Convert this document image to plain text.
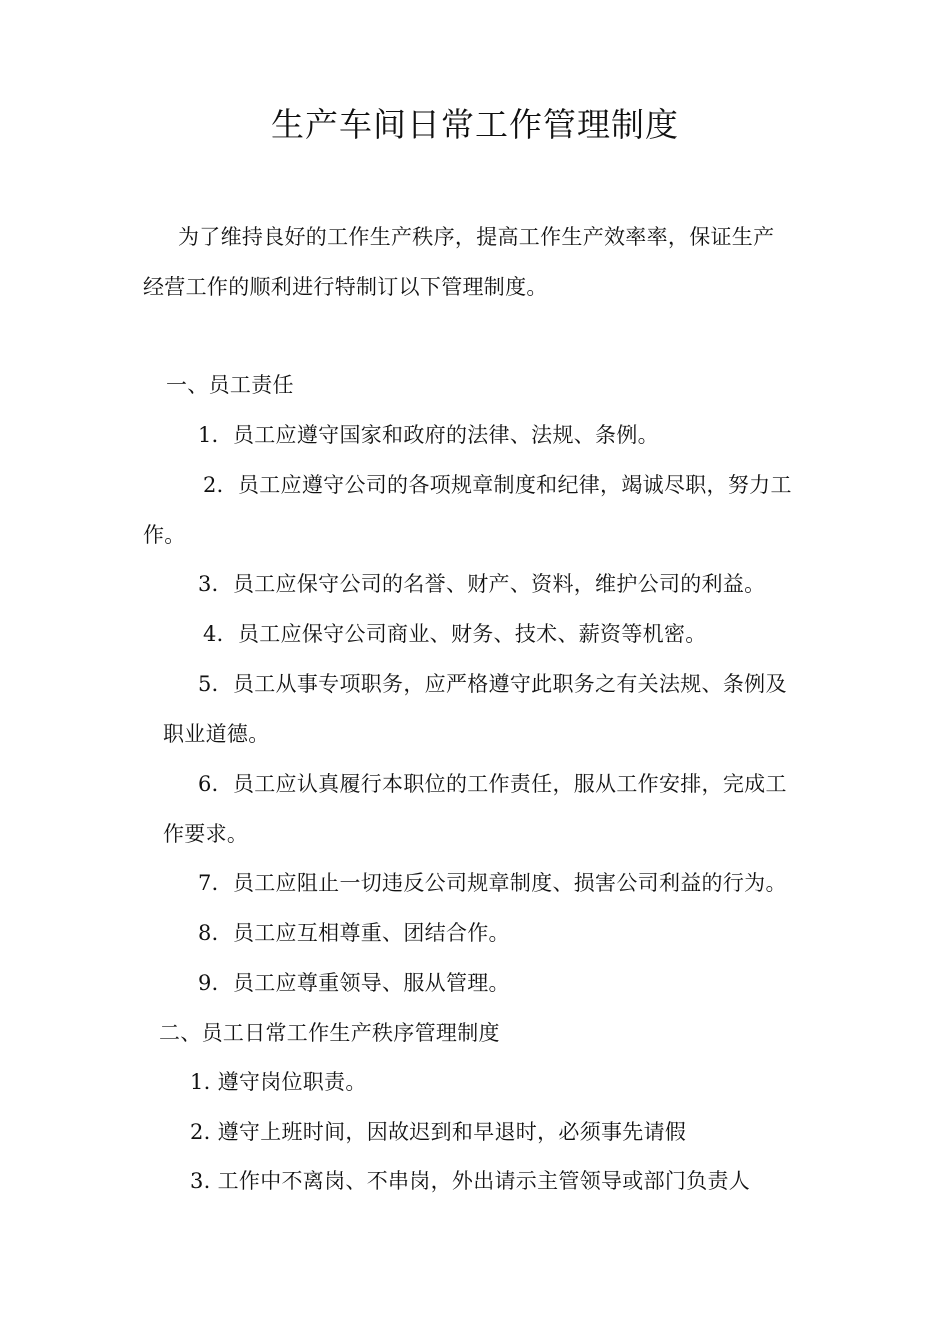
生产车间日常工作管理制度
为了维持良好的工作生产秩序，提高工作生产效率率，保证生产
经营工作的顺利进行特制订以下管理制度。
一、员工责任
1．员工应遵守国家和政府的法律、法规、条例。
2．员工应遵守公司的各项规章制度和纪律，竭诚尽职，努力工
作。
3．员工应保守公司的名誉、财产、资料，维护公司的利益。
4．员工应保守公司商业、财务、技术、薪资等机密。
5．员工从事专项职务，应严格遵守此职务之有关法规、条例及
职业道德。
6．员工应认真履行本职位的工作责任，服从工作安排，完成工
作要求。
7．员工应阻止一切违反公司规章制度、损害公司利益的行为。
8．员工应互相尊重、团结合作。
9．员工应尊重领导、服从管理。
二、员工日常工作生产秩序管理制度
1. 遵守岗位职责。
2. 遵守上班时间，因故迟到和早退时，必须事先请假
3. 工作中不离岗、不串岗，外出请示主管领导或部门负责人
